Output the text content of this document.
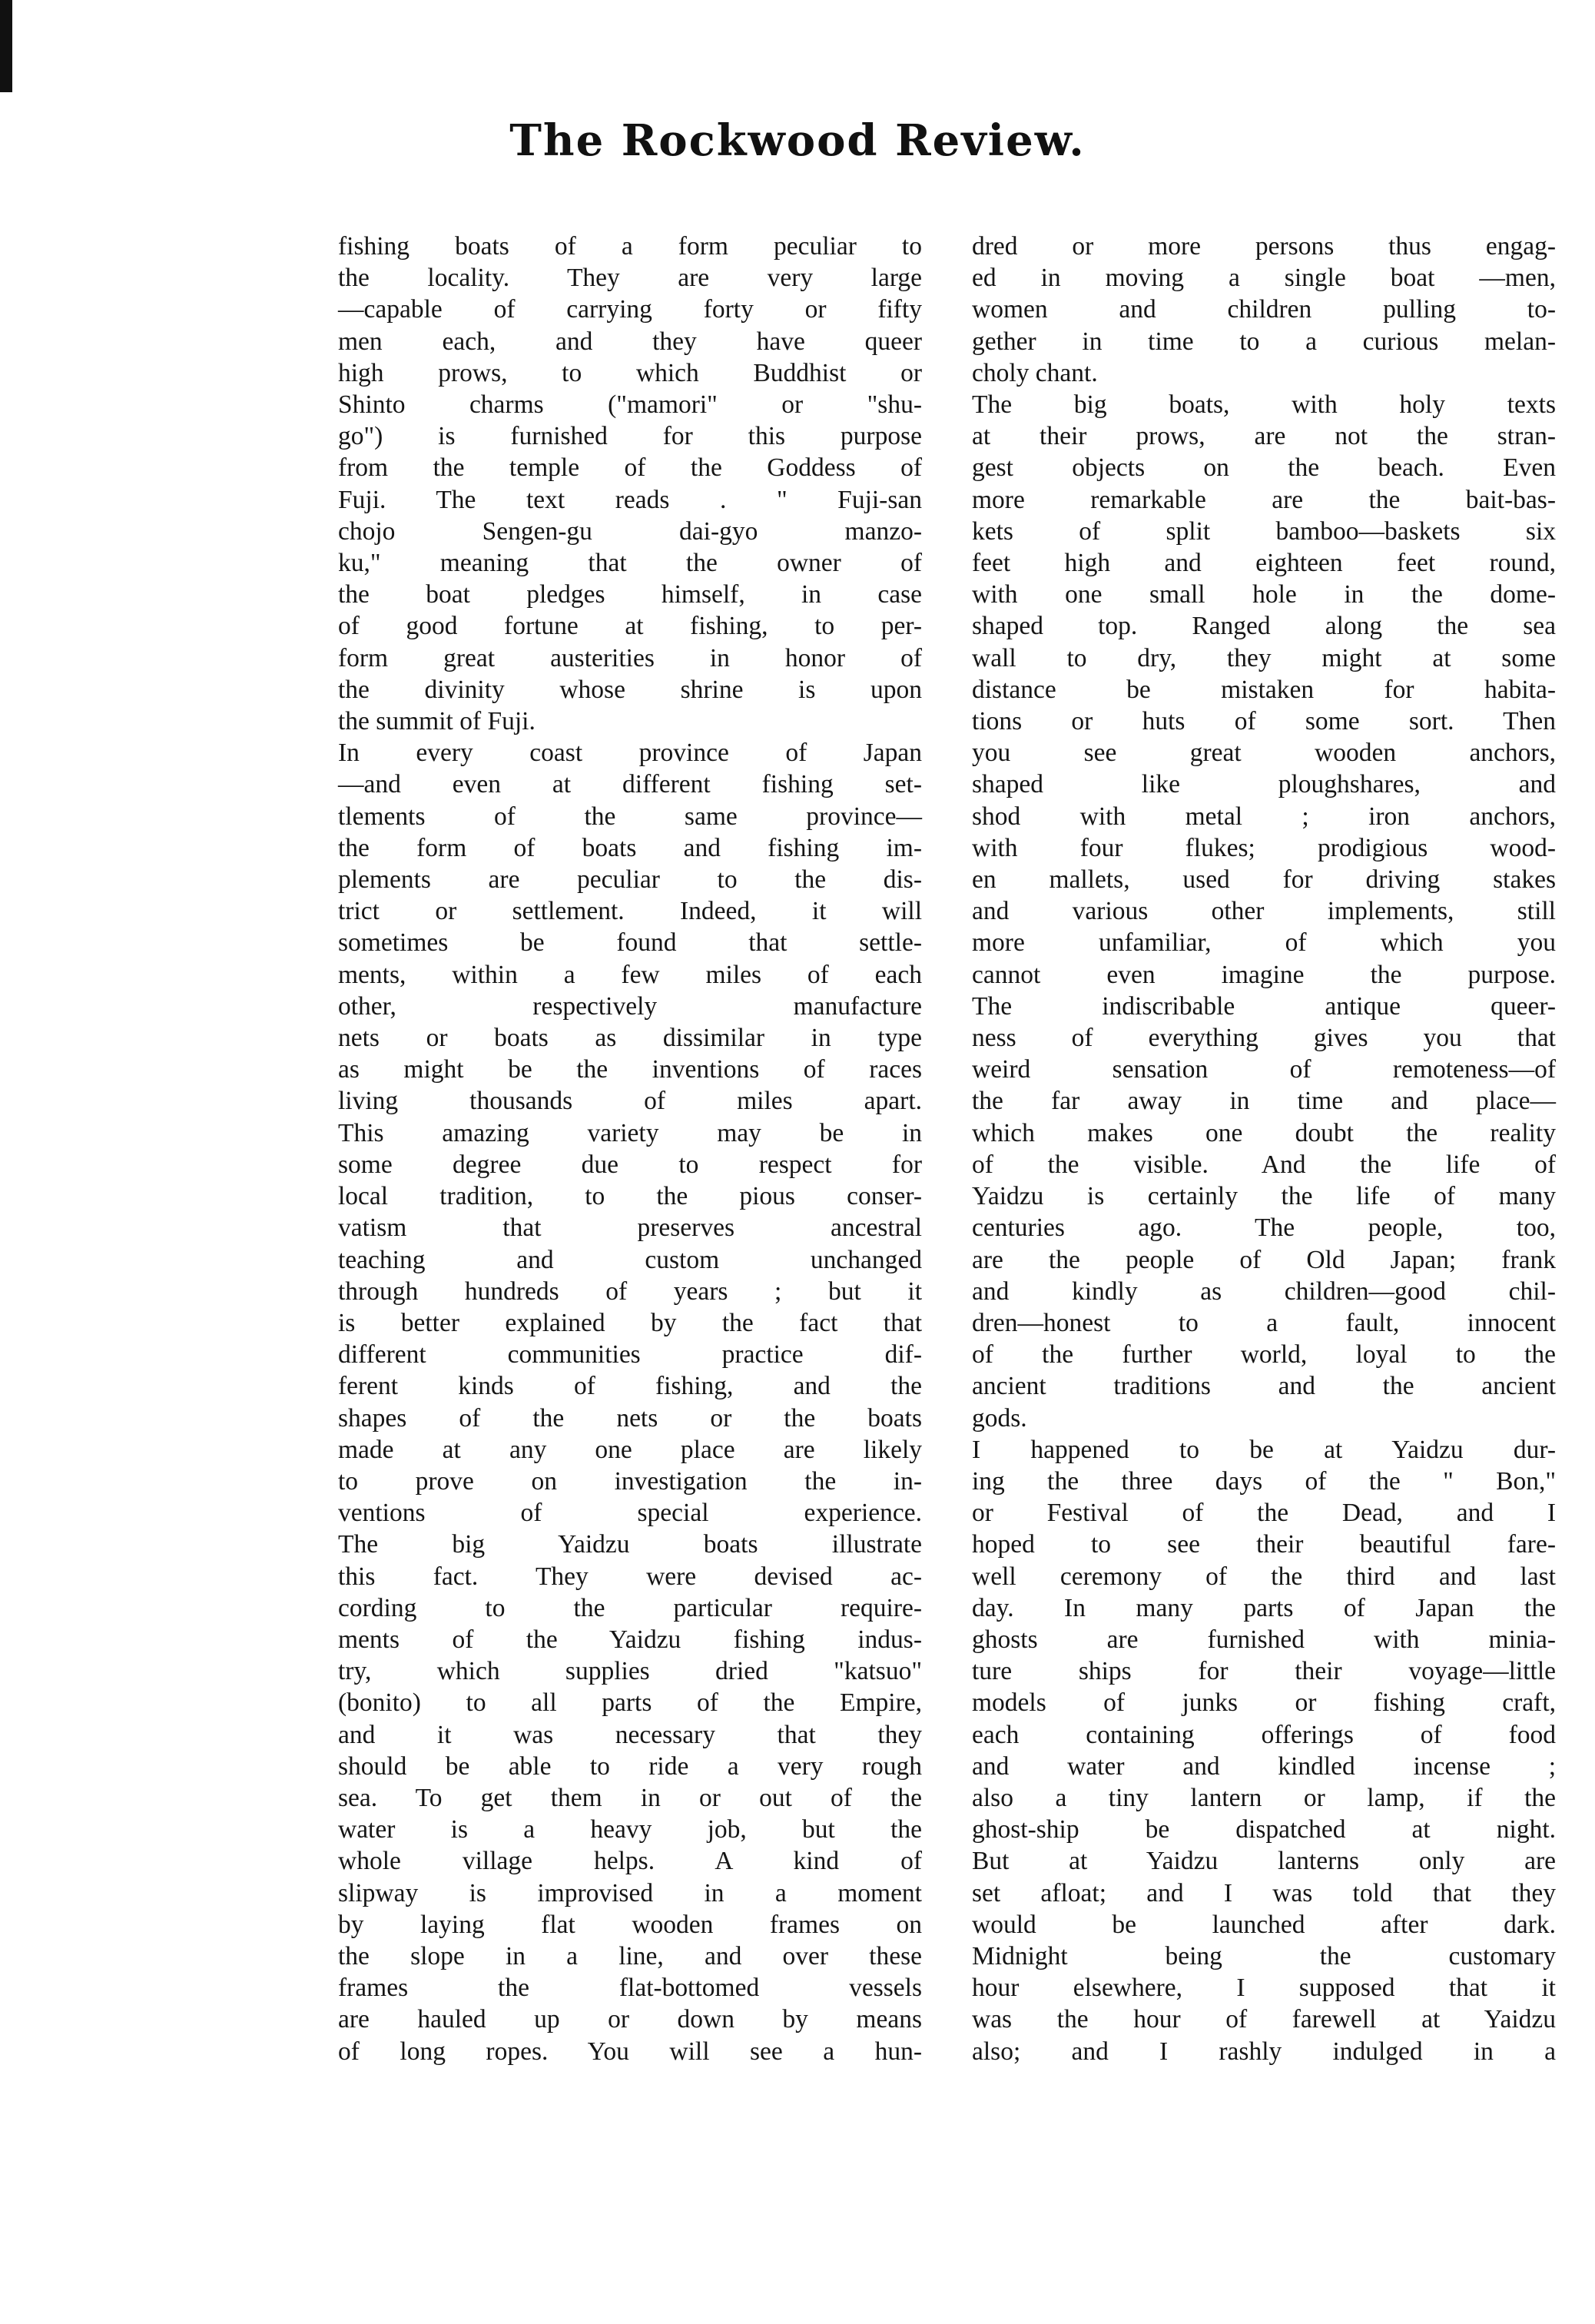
The Rockwood Review.
fishing boats of a form peculiar to
the locality. They are very large
—capable of carrying forty or fifty
men each, and they have queer
high prows, to which Buddhist or
Shinto charms ("mamori" or "shu-
go") is furnished for this purpose
from the temple of the Goddess of
Fuji. The text reads . " Fuji-san
chojo Sengen-gu dai-gyo manzo-
ku," meaning that the owner of
the boat pledges himself, in case
of good fortune at fishing, to per-
form great austerities in honor of
the divinity whose shrine is upon
the summit of Fuji.
In every coast province of Japan
—and even at different fishing set-
tlements of the same province—
the form of boats and fishing im-
plements are peculiar to the dis-
trict or settlement. Indeed, it will
sometimes be found that settle-
ments, within a few miles of each
other, respectively manufacture
nets or boats as dissimilar in type
as might be the inventions of races
living thousands of miles apart.
This amazing variety may be in
some degree due to respect for
local tradition, to the pious conser-
vatism that preserves ancestral
teaching and custom unchanged
through hundreds of years ; but it
is better explained by the fact that
different communities practice dif-
ferent kinds of fishing, and the
shapes of the nets or the boats
made at any one place are likely
to prove on investigation the in-
ventions of special experience.
The big Yaidzu boats illustrate
this fact. They were devised ac-
cording to the particular require-
ments of the Yaidzu fishing indus-
try, which supplies dried "katsuo"
(bonito) to all parts of the Empire,
and it was necessary that they
should be able to ride a very rough
sea. To get them in or out of the
water is a heavy job, but the
whole village helps. A kind of
slipway is improvised in a moment
by laying flat wooden frames on
the slope in a line, and over these
frames the flat-bottomed vessels
are hauled up or down by means
of long ropes. You will see a hun-
dred or more persons thus engag-
ed in moving a single boat —men,
women and children pulling to-
gether in time to a curious melan-
choly chant.
The big boats, with holy texts
at their prows, are not the stran-
gest objects on the beach. Even
more remarkable are the bait-bas-
kets of split bamboo—baskets six
feet high and eighteen feet round,
with one small hole in the dome-
shaped top. Ranged along the sea
wall to dry, they might at some
distance be mistaken for habita-
tions or huts of some sort. Then
you see great wooden anchors,
shaped like ploughshares, and
shod with metal ; iron anchors,
with four flukes; prodigious wood-
en mallets, used for driving stakes
and various other implements, still
more unfamiliar, of which you
cannot even imagine the purpose.
The indiscribable antique queer-
ness of everything gives you that
weird sensation of remoteness—of
the far away in time and place—
which makes one doubt the reality
of the visible. And the life of
Yaidzu is certainly the life of many
centuries ago. The people, too,
are the people of Old Japan; frank
and kindly as children—good chil-
dren—honest to a fault, innocent
of the further world, loyal to the
ancient traditions and the ancient
gods.
I happened to be at Yaidzu dur-
ing the three days of the " Bon,"
or Festival of the Dead, and I
hoped to see their beautiful fare-
well ceremony of the third and last
day. In many parts of Japan the
ghosts are furnished with minia-
ture ships for their voyage—little
models of junks or fishing craft,
each containing offerings of food
and water and kindled incense ;
also a tiny lantern or lamp, if the
ghost-ship be dispatched at night.
But at Yaidzu lanterns only are
set afloat; and I was told that they
would be launched after dark.
Midnight being the customary
hour elsewhere, I supposed that it
was the hour of farewell at Yaidzu
also; and I rashly indulged in a
